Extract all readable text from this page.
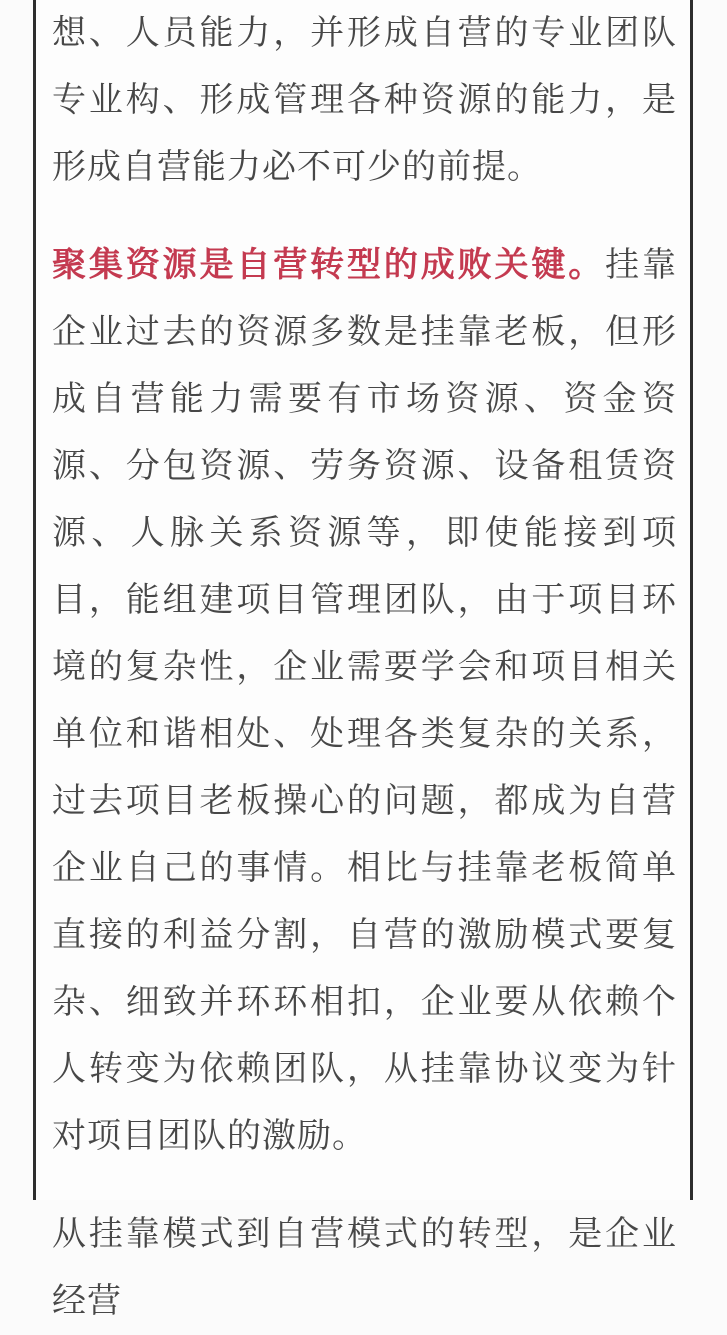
想、人员能力，并形成自营的专业团队专业构、形成管理各种资源的能力，是形成自营能力必不可少的前提。

聚集资源是自营转型的成败关键。挂靠企业过去的资源多数是挂靠老板，但形成自营能力需要有市场资源、资金资源、分包资源、劳务资源、设备租赁资源、人脉关系资源等，即使能接到项目，能组建项目管理团队，由于项目环境的复杂性，企业需要学会和项目相关单位和谐相处、处理各类复杂的关系，过去项目老板操心的问题，都成为自营企业自己的事情。相比与挂靠老板简单直接的利益分割，自营的激励模式要复杂、细致并环环相扣，企业要从依赖个人转变为依赖团队，从挂靠协议变为针对项目团队的激励。

从挂靠模式到自营模式的转型，是企业经营
